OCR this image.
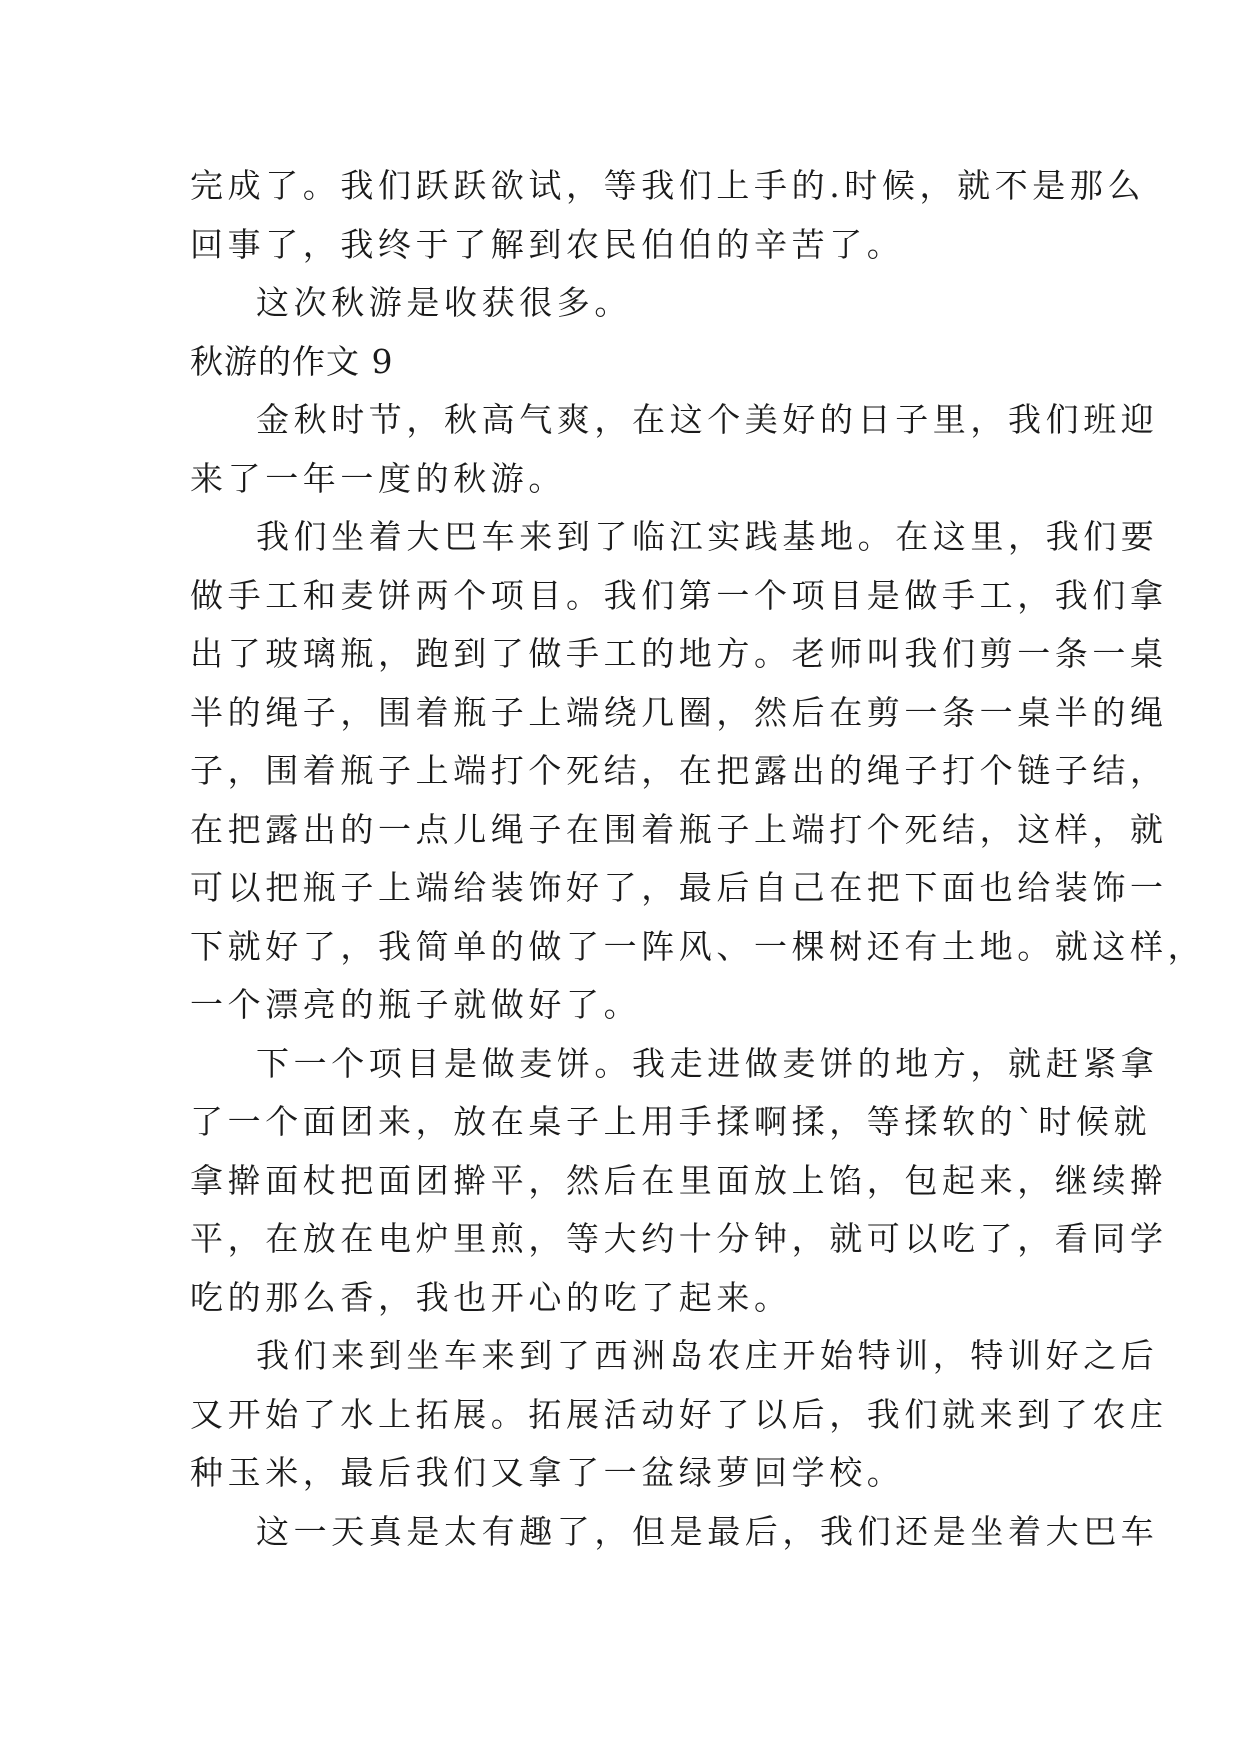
完成了。我们跃跃欲试，等我们上手的.时候，就不是那么
回事了，我终于了解到农民伯伯的辛苦了。
这次秋游是收获很多。
秋游的作文 9
金秋时节，秋高气爽，在这个美好的日子里，我们班迎
来了一年一度的秋游。
我们坐着大巴车来到了临江实践基地。在这里，我们要
做手工和麦饼两个项目。我们第一个项目是做手工，我们拿
出了玻璃瓶，跑到了做手工的地方。老师叫我们剪一条一桌
半的绳子，围着瓶子上端绕几圈，然后在剪一条一桌半的绳
子，围着瓶子上端打个死结，在把露出的绳子打个链子结，
在把露出的一点儿绳子在围着瓶子上端打个死结，这样，就
可以把瓶子上端给装饰好了，最后自己在把下面也给装饰一
下就好了，我简单的做了一阵风、一棵树还有土地。就这样，
一个漂亮的瓶子就做好了。
下一个项目是做麦饼。我走进做麦饼的地方，就赶紧拿
了一个面团来，放在桌子上用手揉啊揉，等揉软的`时候就
拿擀面杖把面团擀平，然后在里面放上馅，包起来，继续擀
平，在放在电炉里煎，等大约十分钟，就可以吃了，看同学
吃的那么香，我也开心的吃了起来。
我们来到坐车来到了西洲岛农庄开始特训，特训好之后
又开始了水上拓展。拓展活动好了以后，我们就来到了农庄
种玉米，最后我们又拿了一盆绿萝回学校。
这一天真是太有趣了，但是最后，我们还是坐着大巴车
